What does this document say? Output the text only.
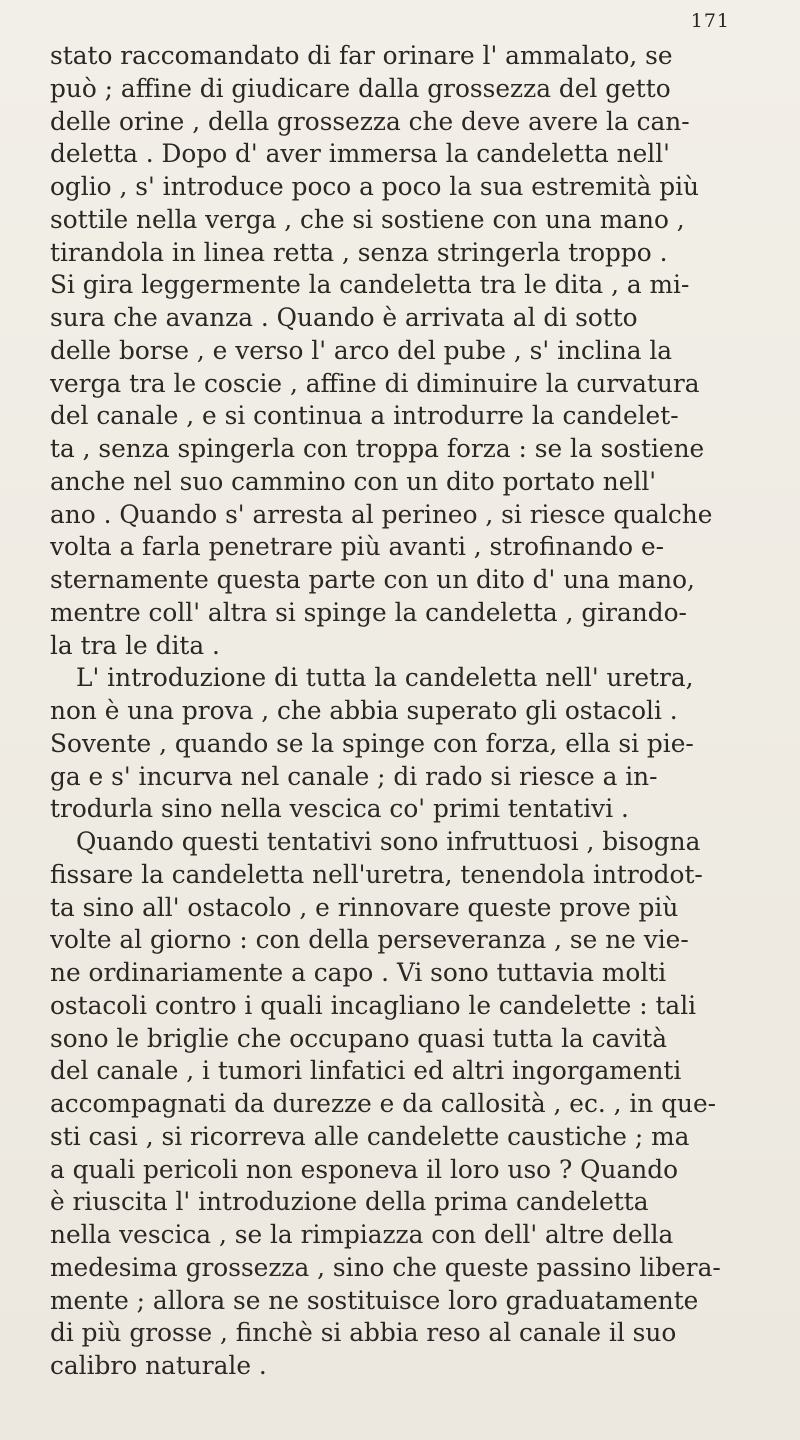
171
stato raccomandato di far orinare l' ammalato, se
può ; affine di giudicare dalla grossezza del getto
delle orine , della grossezza che deve avere la can-
deletta . Dopo d' aver immersa la candeletta nell'
oglio , s' introduce poco a poco la sua estremità più
sottile nella verga , che si sostiene con una mano ,
tirandola in linea retta , senza stringerla troppo .
Si gira leggermente la candeletta tra le dita , a mi-
sura che avanza . Quando è arrivata al di sotto
delle borse , e verso l' arco del pube , s' inclina la
verga tra le coscie , affine di diminuire la curvatura
del canale , e si continua a introdurre la candelet-
ta , senza spingerla con troppa forza : se la sostiene
anche nel suo cammino con un dito portato nell'
ano . Quando s' arresta al perineo , si riesce qualche
volta a farla penetrare più avanti , strofinando e-
sternamente questa parte con un dito d' una mano,
mentre coll' altra si spinge la candeletta , girando-
la tra le dita .
L' introduzione di tutta la candeletta nell' uretra,
non è una prova , che abbia superato gli ostacoli .
Sovente , quando se la spinge con forza, ella si pie-
ga e s' incurva nel canale ; di rado si riesce a in-
trodurla sino nella vescica co' primi tentativi .
Quando questi tentativi sono infruttuosi , bisogna
fissare la candeletta nell'uretra, tenendola introdot-
ta sino all' ostacolo , e rinnovare queste prove più
volte al giorno : con della perseveranza , se ne vie-
ne ordinariamente a capo . Vi sono tuttavia molti
ostacoli contro i quali incagliano le candelette : tali
sono le briglie che occupano quasi tutta la cavità
del canale , i tumori linfatici ed altri ingorgamenti
accompagnati da durezze e da callosità , ec. , in que-
sti casi , si ricorreva alle candelette caustiche ; ma
a quali pericoli non esponeva il loro uso ? Quando
è riuscita l' introduzione della prima candeletta
nella vescica , se la rimpiazza con dell' altre della
medesima grossezza , sino che queste passino libera-
mente ; allora se ne sostituisce loro graduatamente
di più grosse , finchè si abbia reso al canale il suo
calibro naturale .
